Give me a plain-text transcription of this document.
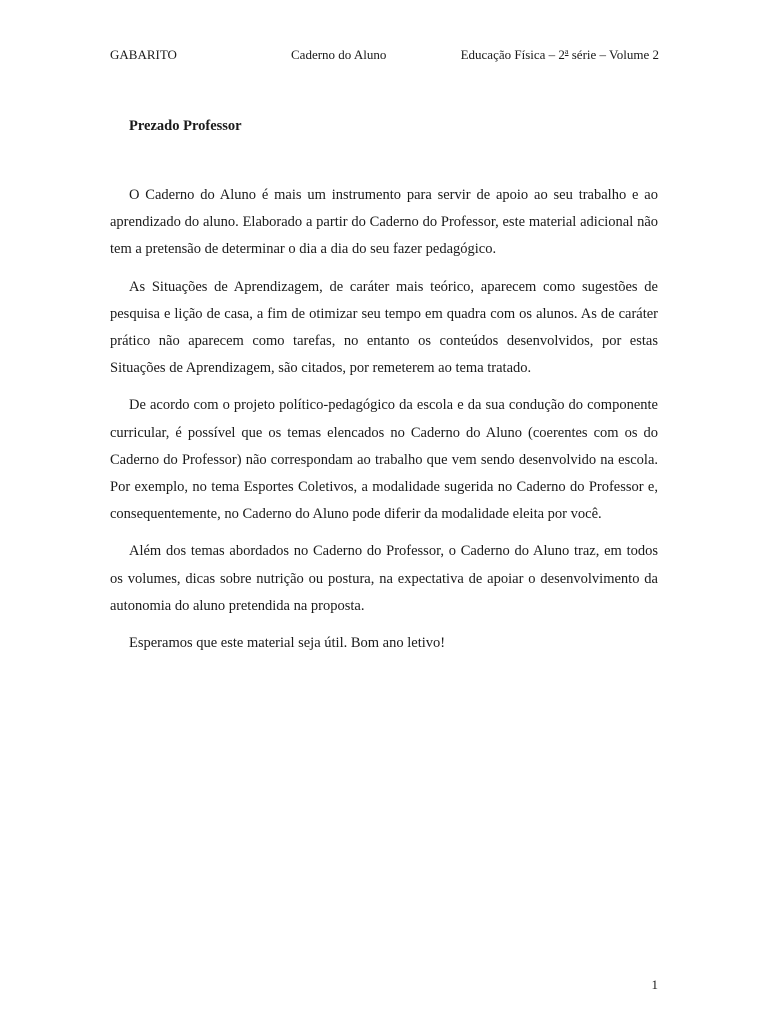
GABARITO	Caderno do Aluno	Educação Física – 2$^a$ série – Volume 2
Prezado Professor

O Caderno do Aluno é mais um instrumento para servir de apoio ao seu trabalho e ao aprendizado do aluno. Elaborado a partir do Caderno do Professor, este material adicional não tem a pretensão de determinar o dia a dia do seu fazer pedagógico.

As Situações de Aprendizagem, de caráter mais teórico, aparecem como sugestões de pesquisa e lição de casa, a fim de otimizar seu tempo em quadra com os alunos. As de caráter prático não aparecem como tarefas, no entanto os conteúdos desenvolvidos, por estas Situações de Aprendizagem, são citados, por remeterem ao tema tratado.

De acordo com o projeto político-pedagógico da escola e da sua condução do componente curricular, é possível que os temas elencados no Caderno do Aluno (coerentes com os do Caderno do Professor) não correspondam ao trabalho que vem sendo desenvolvido na escola. Por exemplo, no tema Esportes Coletivos, a modalidade sugerida no Caderno do Professor e, consequentemente, no Caderno do Aluno pode diferir da modalidade eleita por você.

Além dos temas abordados no Caderno do Professor, o Caderno do Aluno traz, em todos os volumes, dicas sobre nutrição ou postura, na expectativa de apoiar o desenvolvimento da autonomia do aluno pretendida na proposta.

Esperamos que este material seja útil. Bom ano letivo!

1
